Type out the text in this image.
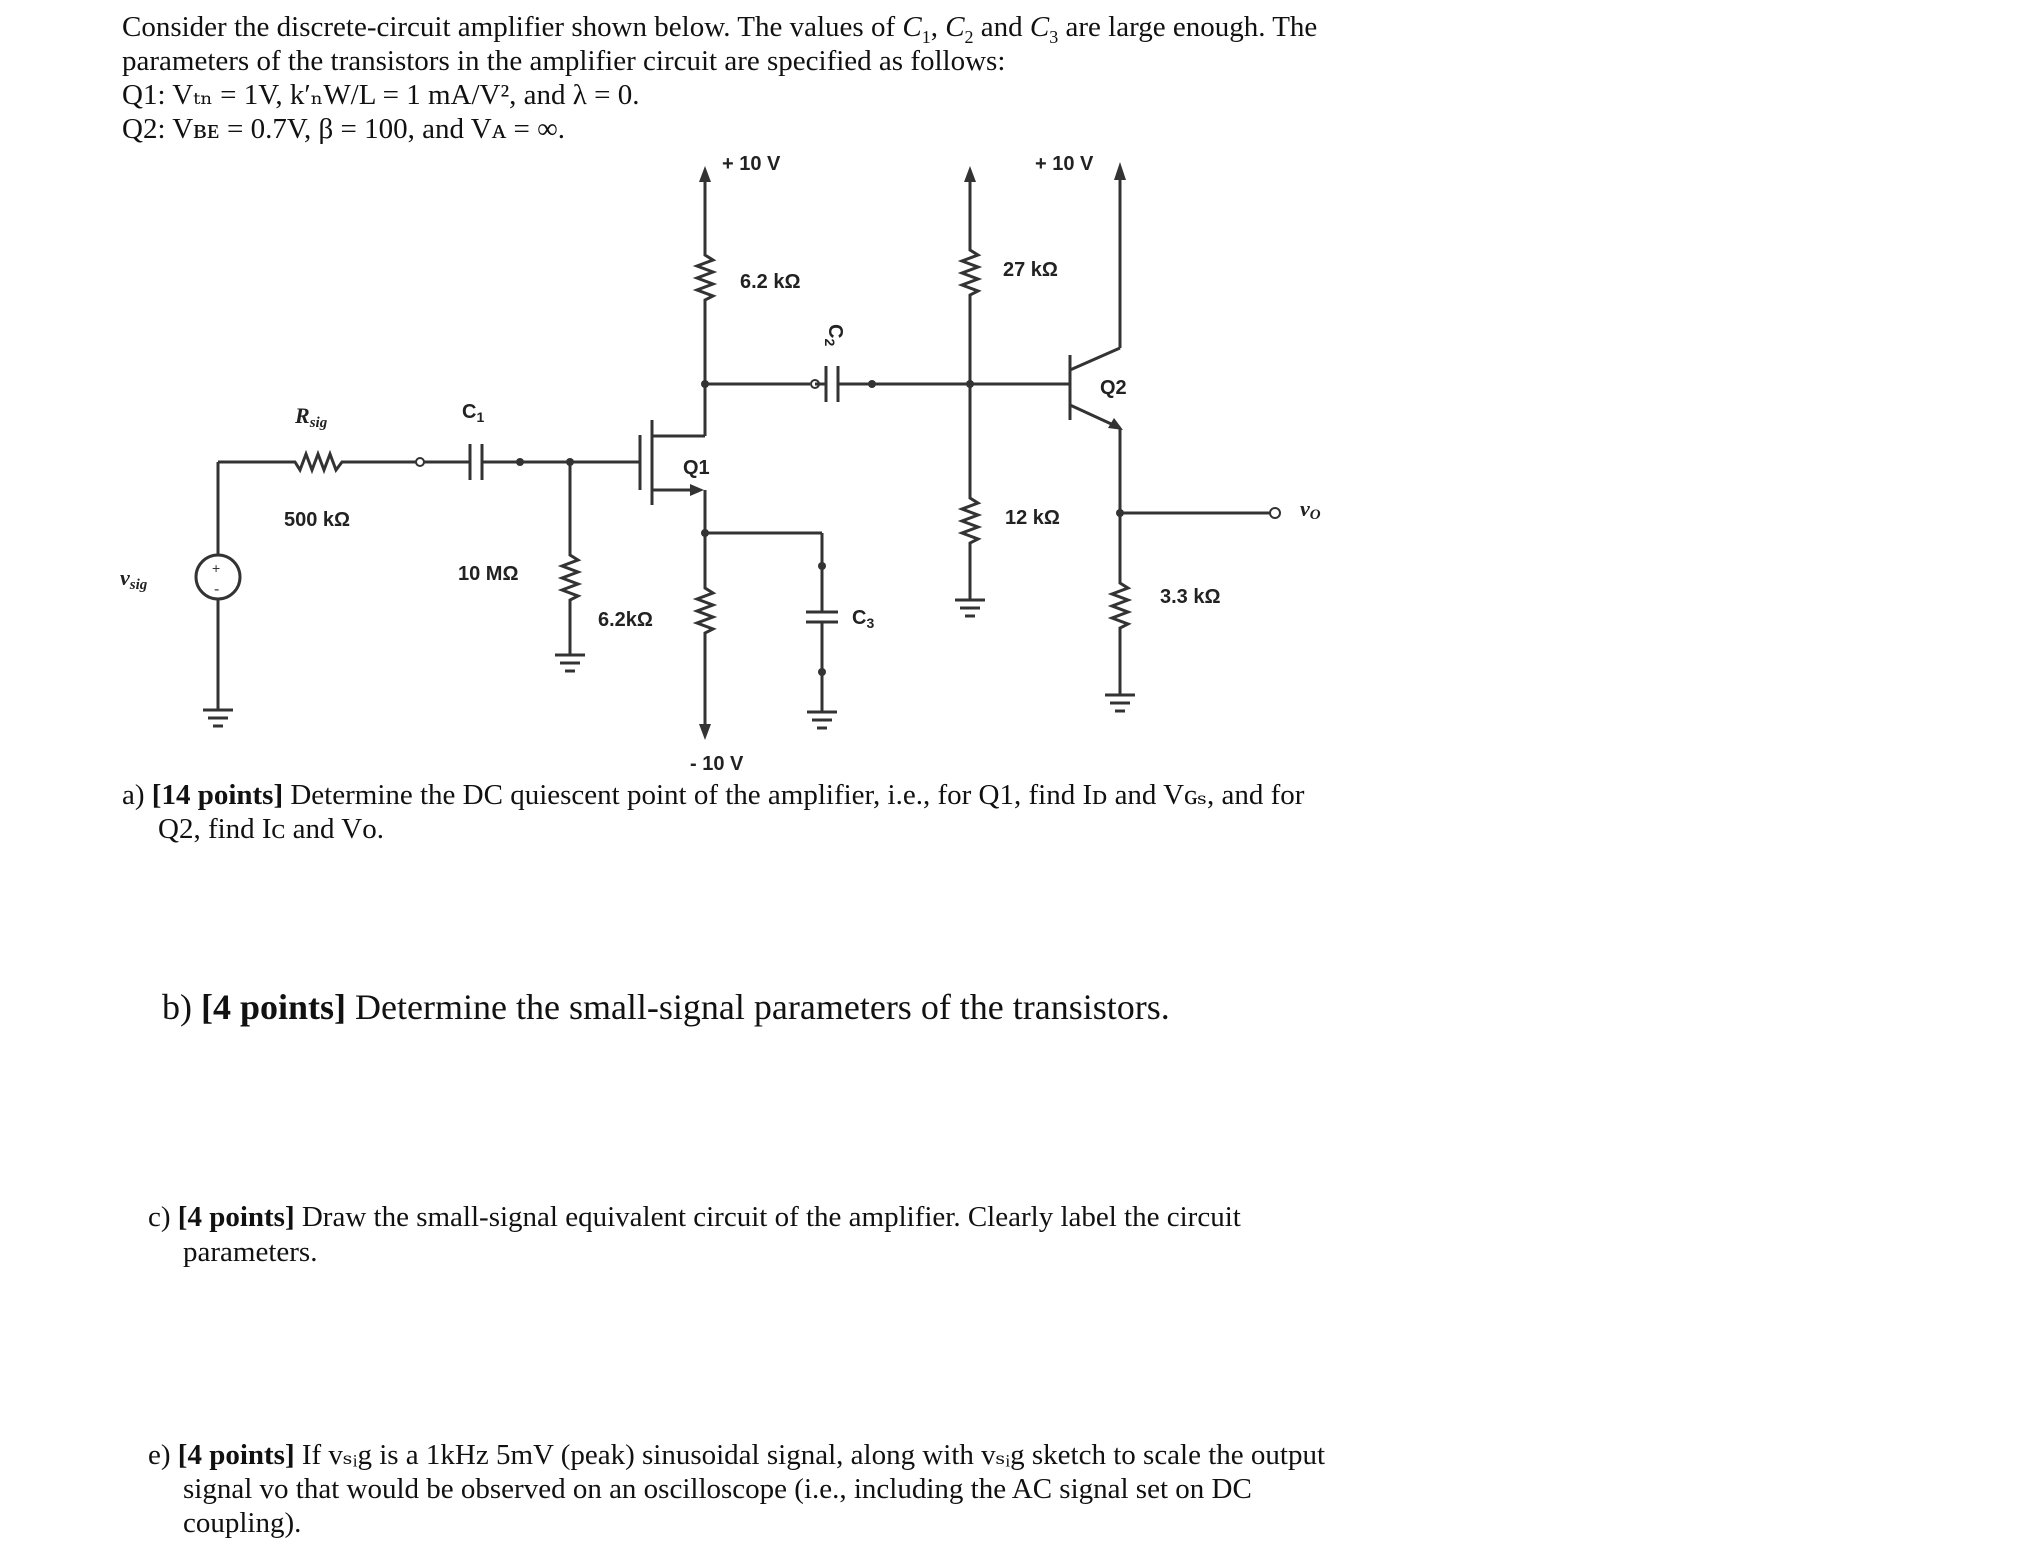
Consider the discrete-circuit amplifier shown below. The values of $C_1$, $C_2$ and $C_3$ are large enough. The
parameters of the transistors in the amplifier circuit are specified as follows:
Q1: Vₜₙ = 1V, k′ₙW/L = 1 mA/V², and λ = 0.
Q2: Vʙᴇ = 0.7V, β = 100, and Vᴀ = ∞.
+ 10 V
6.2 kΩ
$C_2$
27 kΩ
12 kΩ
+ 10 V
Q2
vO
3.3 kΩ
Q1
$C_3$
6.2kΩ
- 10 V
10 MΩ
$C_1$
Rsig
500 kΩ
+
-
vsig
a) [14 points] Determine the DC quiescent point of the amplifier, i.e., for Q1, find Iᴅ and Vɢₛ, and for
Q2, find Iᴄ and Vᴏ.
b) [4 points] Determine the small-signal parameters of the transistors.
c) [4 points] Draw the small-signal equivalent circuit of the amplifier. Clearly label the circuit
parameters.
e) [4 points] If vₛᵢg is a 1kHz 5mV (peak) sinusoidal signal, along with vₛᵢg sketch to scale the output
signal vᴏ that would be observed on an oscilloscope (i.e., including the AC signal set on DC
coupling).
